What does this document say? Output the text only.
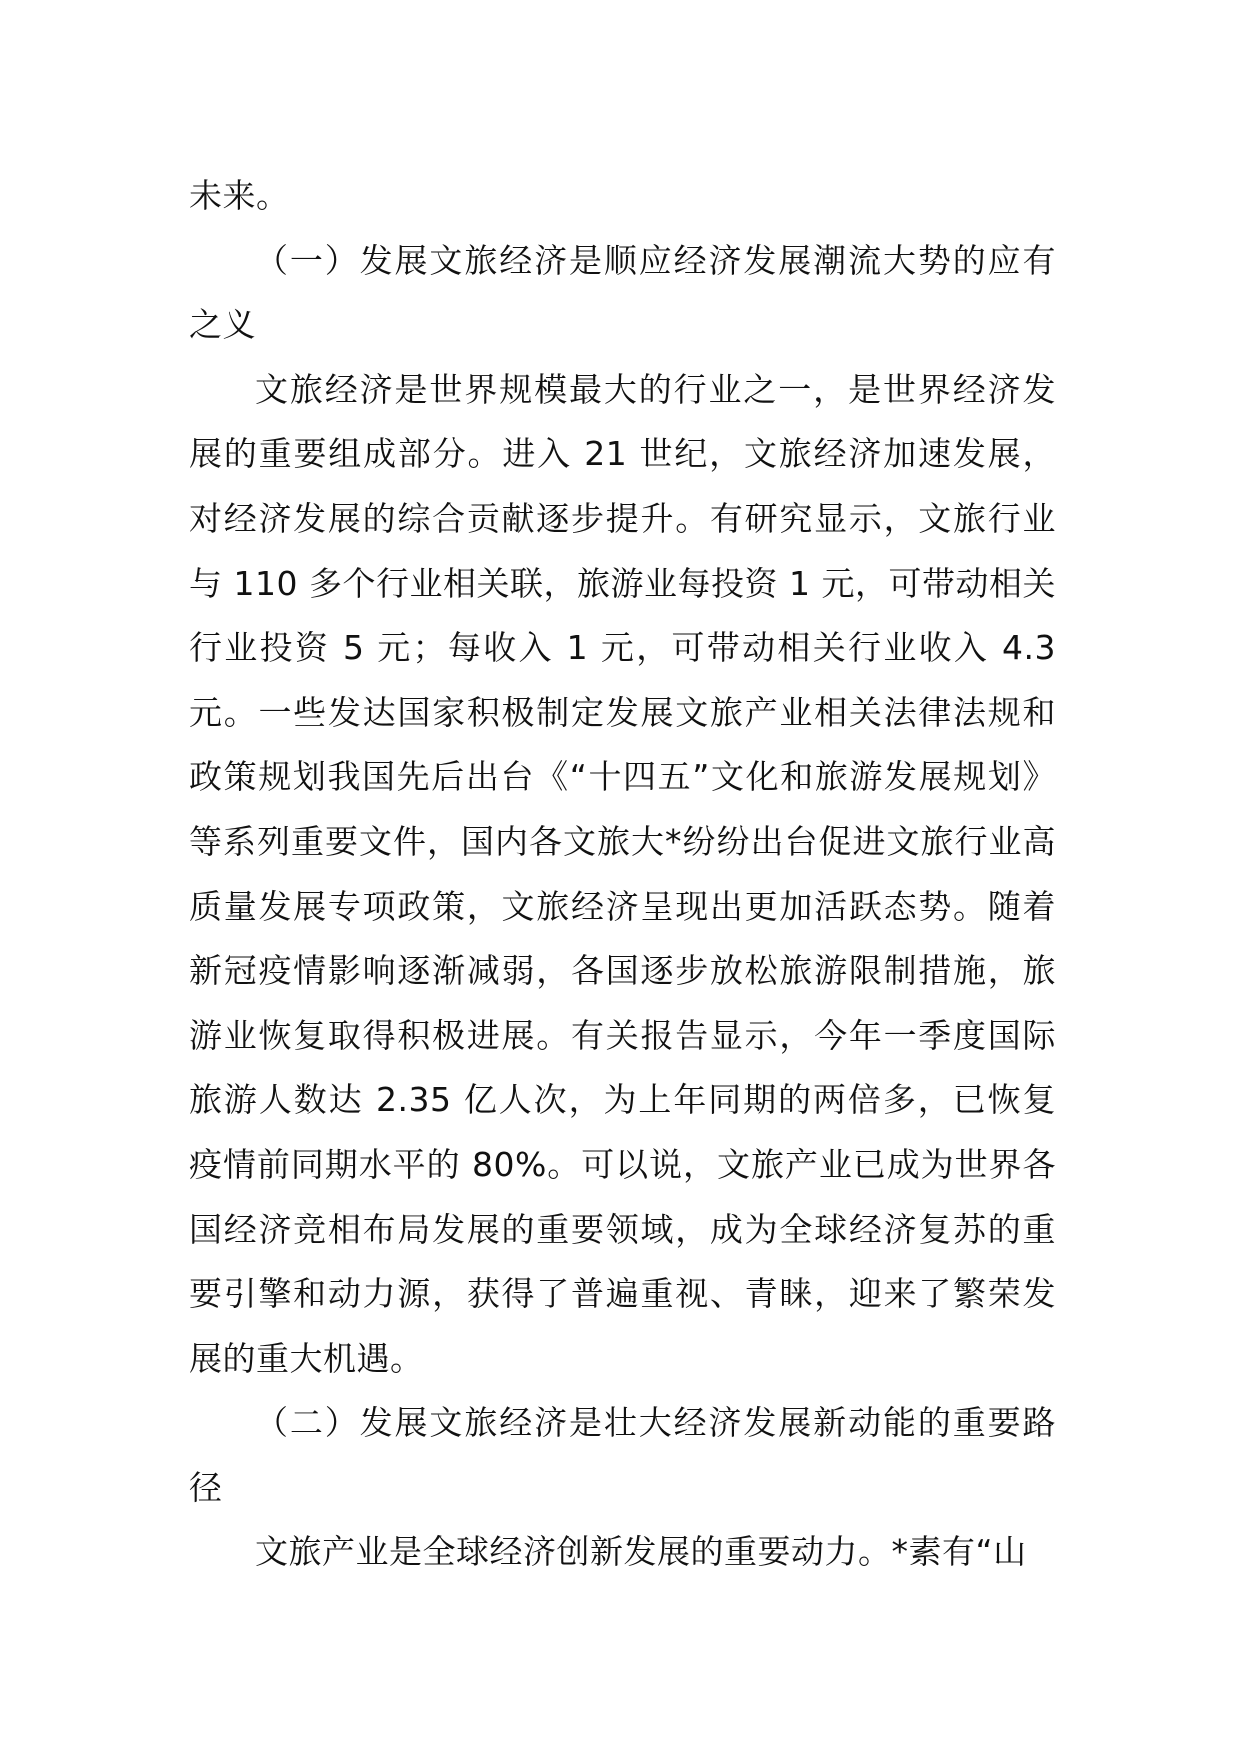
未来。

（一）发展文旅经济是顺应经济发展潮流大势的应有之义

文旅经济是世界规模最大的行业之一，是世界经济发展的重要组成部分。进入 21 世纪，文旅经济加速发展，对经济发展的综合贡献逐步提升。有研究显示，文旅行业与 110 多个行业相关联，旅游业每投资 1 元，可带动相关行业投资 5 元；每收入 1 元，可带动相关行业收入 4.3 元。一些发达国家积极制定发展文旅产业相关法律法规和政策规划我国先后出台《“十四五”文化和旅游发展规划》等系列重要文件，国内各文旅大*纷纷出台促进文旅行业高质量发展专项政策，文旅经济呈现出更加活跃态势。随着新冠疫情影响逐渐减弱，各国逐步放松旅游限制措施，旅游业恢复取得积极进展。有关报告显示，今年一季度国际旅游人数达 2.35 亿人次，为上年同期的两倍多，已恢复疫情前同期水平的 80%。可以说，文旅产业已成为世界各国经济竞相布局发展的重要领域，成为全球经济复苏的重要引擎和动力源，获得了普遍重视、青睐，迎来了繁荣发展的重大机遇。

（二）发展文旅经济是壮大经济发展新动能的重要路径

文旅产业是全球经济创新发展的重要动力。*素有“山
